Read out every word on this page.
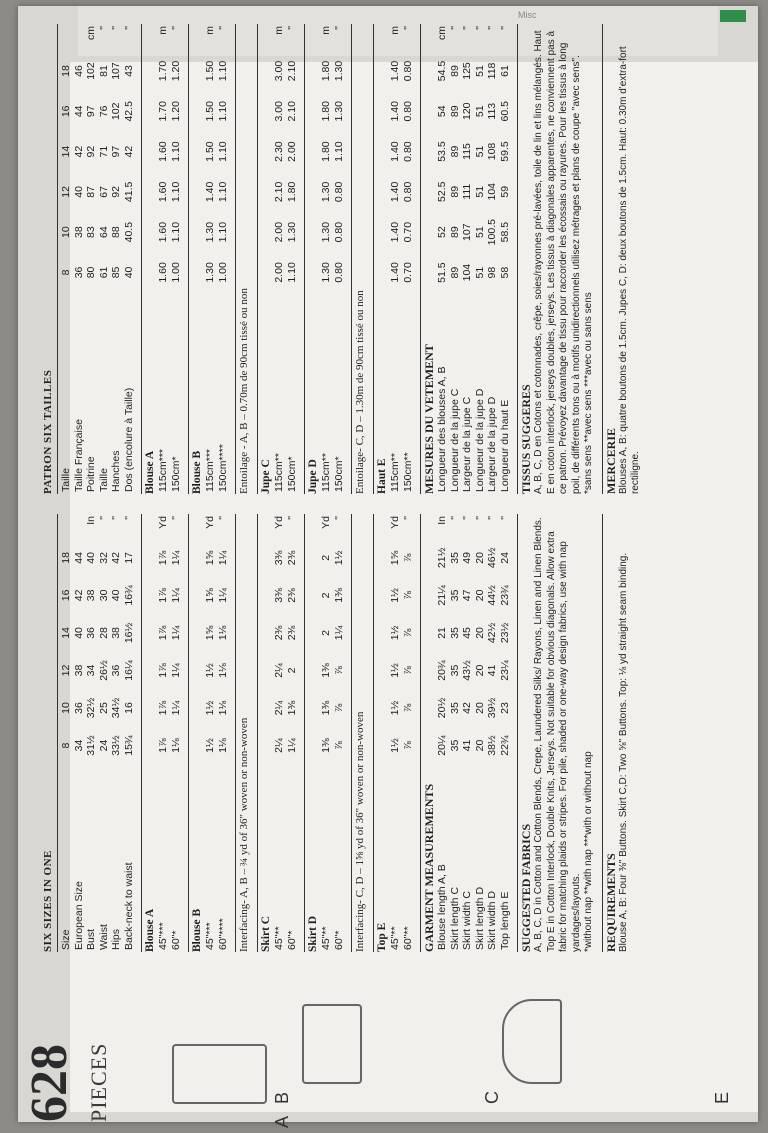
Misc
628 PIECES	B
A
C	E
SIX SIZES IN ONE Size	8	10	12	14	16	18	
European Size	34	36	38	40	42	44	
Bust	31½	32½	34	36	38	40	In
Waist	24	25	26½	28	30	32	"
Hips	33½	34½	36	38	40	42	"
Back-neck to waist	15¾	16	16¼	16½	16¾	17	"
Blouse A 45"***	1⅞	1⅞	1⅞	1⅞	1⅞	1⅞	Yd
60"*	1⅛	1¼	1¼	1¼	1¼	1¼	"
Blouse B 45"***	1½	1½	1½	1⅝	1⅝	1⅝	Yd
60"****	1⅛	1⅛	1⅛	1⅛	1¼	1¼	"
Interfacing- A, B – ¾ yd of 36" woven or non-woven Skirt C 45"**	2¼	2¼	2¼	2⅜	3⅜	3⅜	Yd
60"*	1¼	1⅜	2	2⅜	2⅜	2⅜	"
Skirt D 45"**	1⅜	1⅜	1⅜	2	2	2	Yd
60"*	⅞	⅞	⅞	1¼	1⅜	1½	"
Interfacing- C, D – 1⅝ yd of 36" woven or non-woven Top E 45"**	1½	1½	1½	1½	1½	1⅝	Yd
60"**	⅞	⅞	⅞	⅞	⅞	⅞	"
GARMENT MEASUREMENTS Blouse length A, B	20¼	20½	20¾	21	21¼	21½	In
Skirt length C	35	35	35	35	35	35	"
Skirt width C	41	42	43½	45	47	49	"
Skirt length D	20	20	20	20	20	20	"
Skirt width D	38½	39½	41	42½	44½	46½	"
Top length E	22¾	23	23¼	23½	23¾	24	"
SUGGESTED FABRICS A, B, C, D in Cotton and Cotton Blends, Crepe, Laundered Silks/ Rayons, Linen and Linen Blends. Top E in Cotton Interlock, Double Knits, Jerseys. Not suitable for obvious diagonals. Allow extra fabric for matching plaids or stripes. For pile, shaded or one-way design fabrics, use with nap yardages/layouts. *without nap **with nap ***with or without nap REQUIREMENTS Blouse A, B: Four ⅜" Buttons. Skirt C,D: Two ⅝" Buttons. Top: ⅛ yd straight seam binding.
PATRON SIX TAILLES Taille	8	10	12	14	16	18	
Taille Française	36	38	40	42	44	46	
Poitrine	80	83	87	92	97	102	cm
Taille	61	64	67	71	76	81	"
Hanches	85	88	92	97	102	107	"
Dos (encolure à Taille)	40	40.5	41.5	42	42.5	43	"
Blouse A 115cm***	1.60	1.60	1.60	1.60	1.70	1.70	m
150cm*	1.00	1.10	1.10	1.10	1.20	1.20	"
Blouse B 115cm***	1.30	1.30	1.40	1.50	1.50	1.50	m
150cm****	1.00	1.10	1.10	1.10	1.10	1.10	"
Entoilage - A, B – 0.70m de 90cm tissé ou non Jupe C 115cm**	2.00	2.00	2.10	2.30	3.00	3.00	m
150cm*	1.10	1.30	1.80	2.00	2.10	2.10	"
Jupe D 115cm**	1.30	1.30	1.30	1.80	1.80	1.80	m
150cm*	0.80	0.80	0.80	1.10	1.30	1.30	"
Entoilage- C, D – 1.30m de 90cm tissé ou non Haut E 115cm**	1.40	1.40	1.40	1.40	1.40	1.40	m
150cm**	0.70	0.70	0.80	0.80	0.80	0.80	"
MESURES DU VETEMENT Longueur des blouses A, B	51.5	52	52.5	53.5	54	54.5	cm
Longueur de la jupe C	89	89	89	89	89	89	"
Largeur de la jupe C	104	107	111	115	120	125	"
Longueur de la jupe D	51	51	51	51	51	51	"
Largeur de la jupe D	98	100.5	104	108	113	118	"
Longueur du haut E	58	58.5	59	59.5	60.5	61	"
TISSUS SUGGERES A, B, C, D en Cotons et cotonnades, crêpe, soies/rayonnes pré-lavées, toile de lin et lins mélangés. Haut E en coton interlock, jerseys doubles, jerseys. Les tissus à diagonales apparentes, ne conviennent pas à ce patron. Prévoyez davantage de tissu pour raccorder les écossais ou rayures. Pour les tissus à long poil, de différents tons ou à motifs unidirectionnels utilisez métrages et plans de coupe "avec sens". *sans sens **avec sens ***avec ou sans sens MERCERIE Blouses A, B: quatre boutons de 1.5cm. Jupes C, D: deux boutons de 1.5cm. Haut: 0.30m d'extra-fort rectiligne.
